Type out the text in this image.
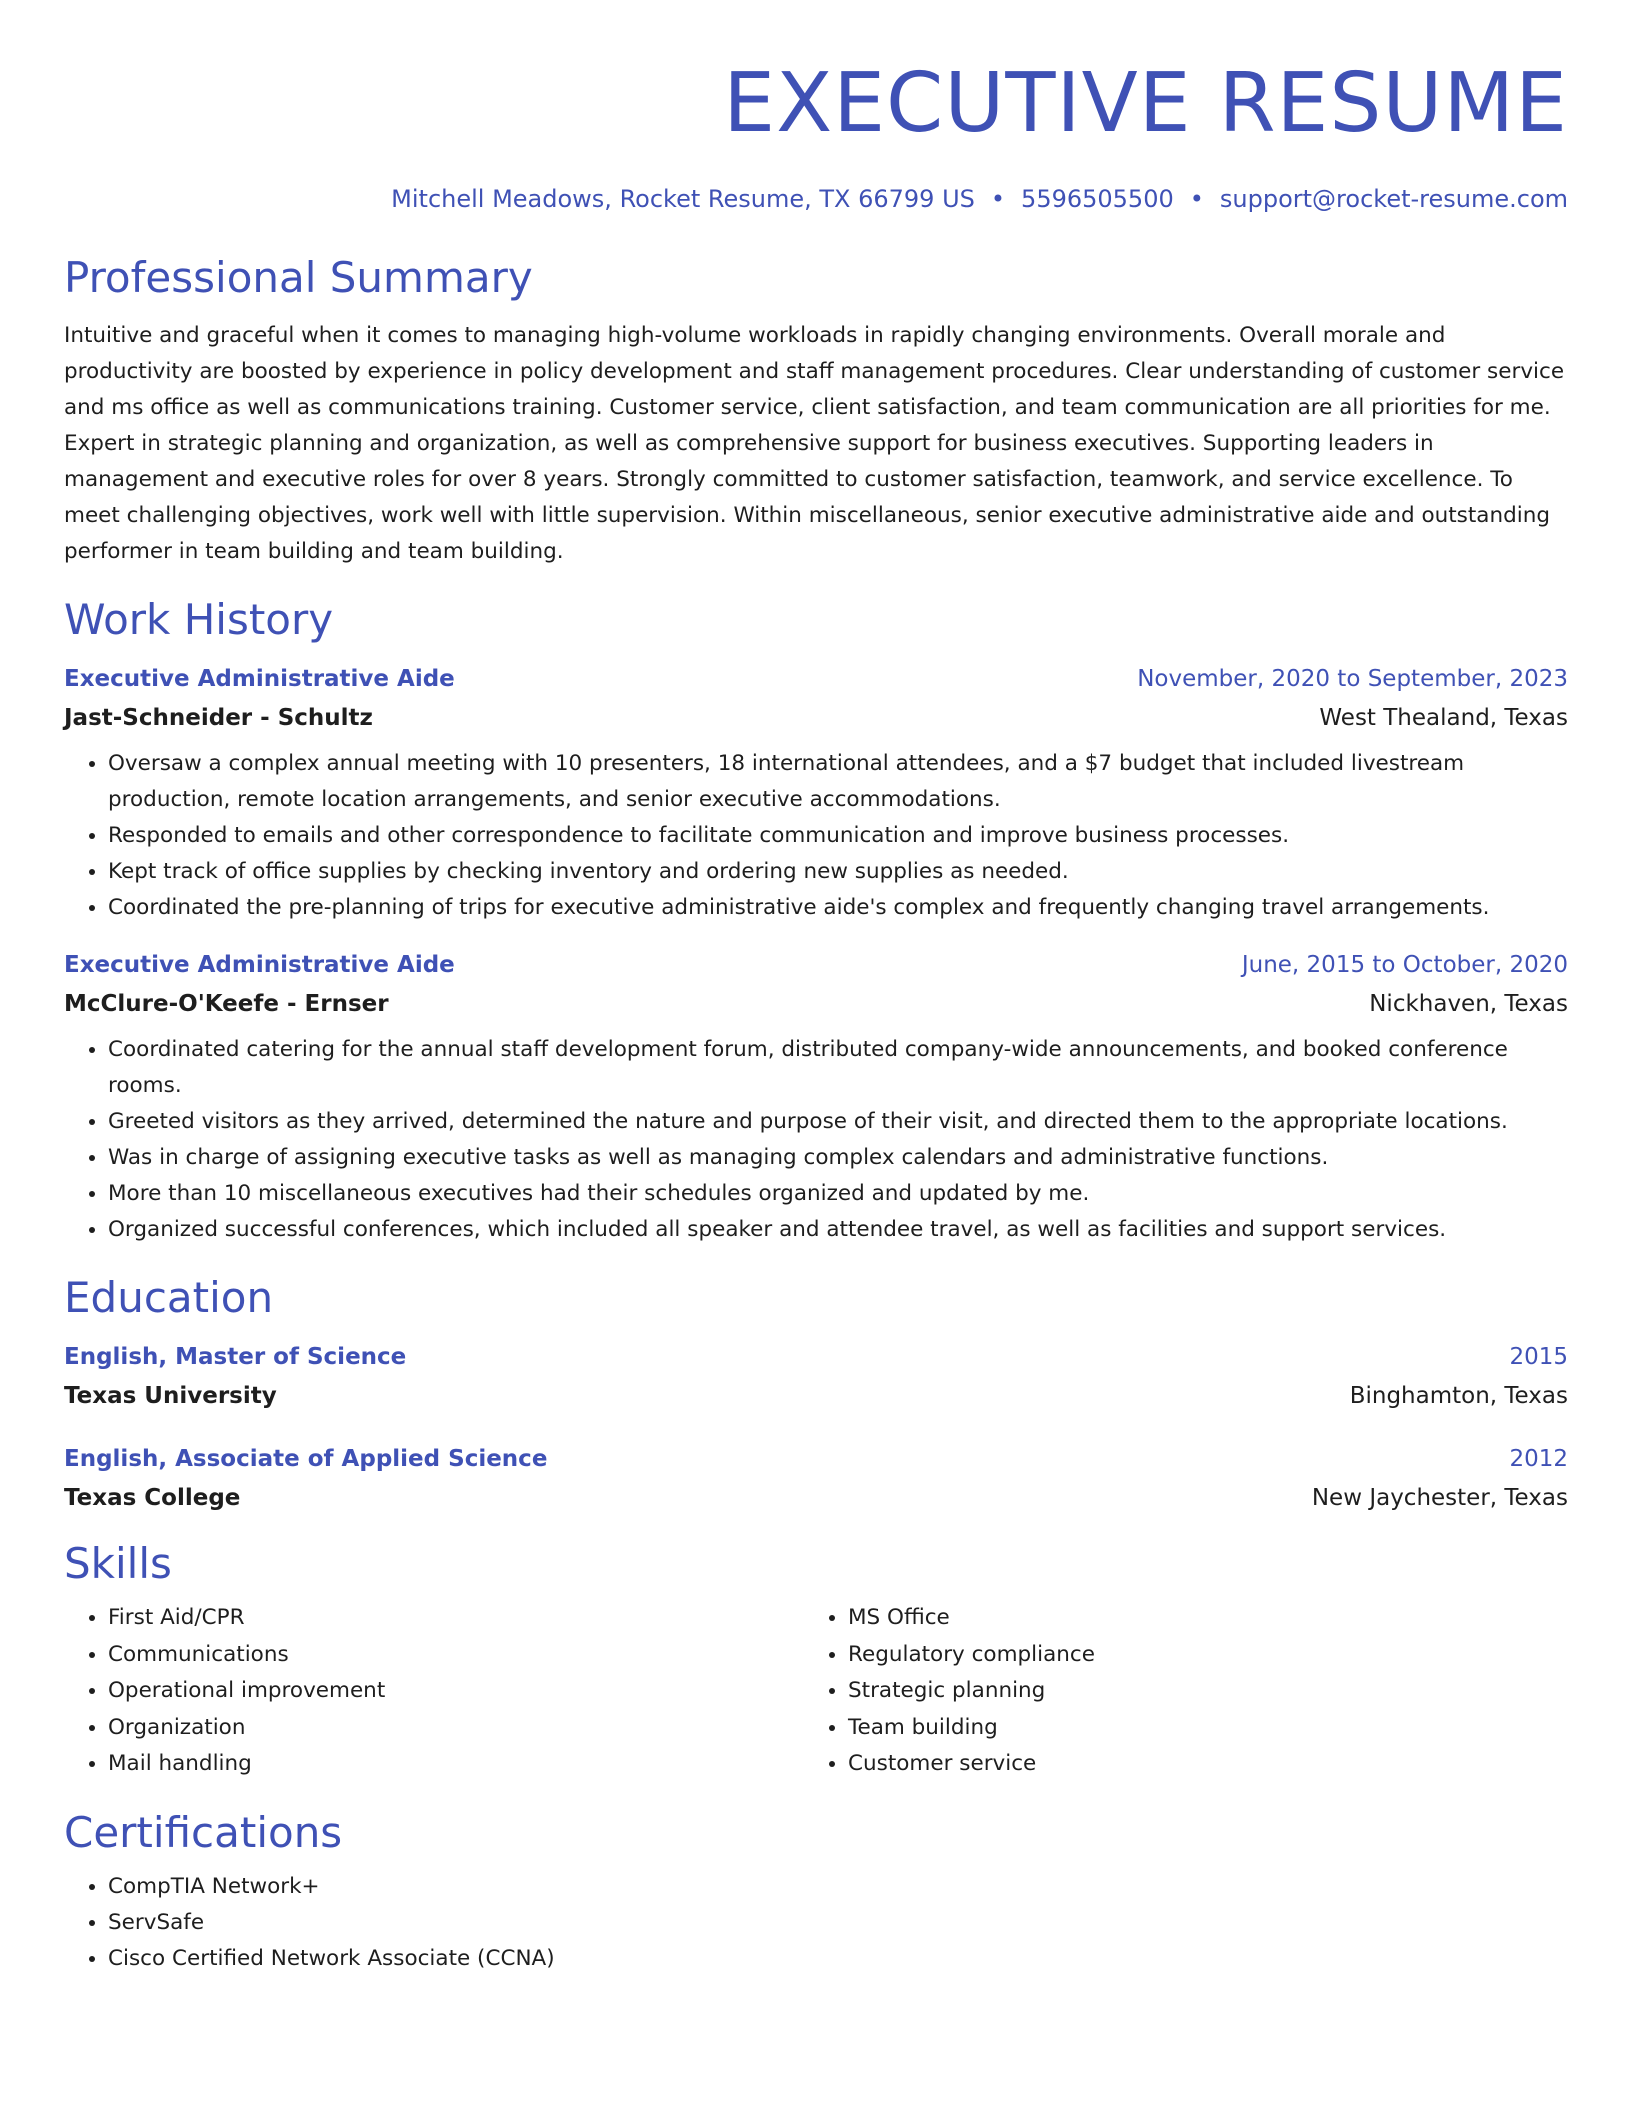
EXECUTIVE RESUME
Mitchell Meadows, Rocket Resume, TX 66799 US • 5596505500 • support@rocket-resume.com
Professional Summary
Intuitive and graceful when it comes to managing high-volume workloads in rapidly changing environments. Overall morale and productivity are boosted by experience in policy development and staff management procedures. Clear understanding of customer service and ms office as well as communications training. Customer service, client satisfaction, and team communication are all priorities for me. Expert in strategic planning and organization, as well as comprehensive support for business executives. Supporting leaders in management and executive roles for over 8 years. Strongly committed to customer satisfaction, teamwork, and service excellence. To meet challenging objectives, work well with little supervision. Within miscellaneous, senior executive administrative aide and outstanding performer in team building and team building.
Work History
Executive Administrative Aide	November, 2020 to September, 2023
Jast-Schneider - Schultz	West Thealand, Texas
• Oversaw a complex annual meeting with 10 presenters, 18 international attendees, and a $7 budget that included livestream production, remote location arrangements, and senior executive accommodations.
• Responded to emails and other correspondence to facilitate communication and improve business processes.
• Kept track of office supplies by checking inventory and ordering new supplies as needed.
• Coordinated the pre-planning of trips for executive administrative aide's complex and frequently changing travel arrangements.
Executive Administrative Aide	June, 2015 to October, 2020
McClure-O'Keefe - Ernser	Nickhaven, Texas
• Coordinated catering for the annual staff development forum, distributed company-wide announcements, and booked conference rooms.
• Greeted visitors as they arrived, determined the nature and purpose of their visit, and directed them to the appropriate locations.
• Was in charge of assigning executive tasks as well as managing complex calendars and administrative functions.
• More than 10 miscellaneous executives had their schedules organized and updated by me.
• Organized successful conferences, which included all speaker and attendee travel, as well as facilities and support services.
Education
English, Master of Science	2015
Texas University	Binghamton, Texas
English, Associate of Applied Science	2012
Texas College	New Jaychester, Texas
Skills
• First Aid/CPR
• Communications
• Operational improvement
• Organization
• Mail handling
• MS Office
• Regulatory compliance
• Strategic planning
• Team building
• Customer service
Certifications
• CompTIA Network+
• ServSafe
• Cisco Certified Network Associate (CCNA)
